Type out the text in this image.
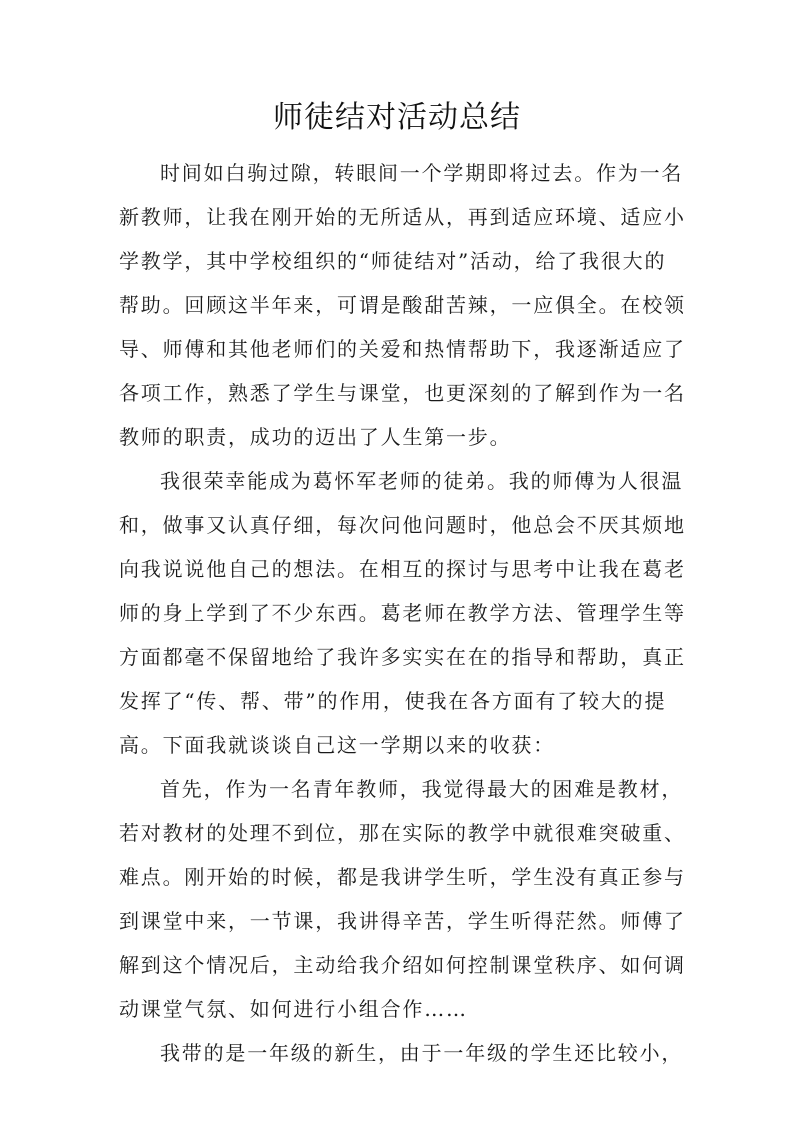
师徒结对活动总结
时间如白驹过隙，转眼间一个学期即将过去。作为一名
新教师，让我在刚开始的无所适从，再到适应环境、适应小
学教学，其中学校组织的“师徒结对”活动，给了我很大的
帮助。回顾这半年来，可谓是酸甜苦辣，一应俱全。在校领
导、师傅和其他老师们的关爱和热情帮助下，我逐渐适应了
各项工作，熟悉了学生与课堂，也更深刻的了解到作为一名
教师的职责，成功的迈出了人生第一步。
我很荣幸能成为葛怀军老师的徒弟。我的师傅为人很温
和，做事又认真仔细，每次问他问题时，他总会不厌其烦地
向我说说他自己的想法。在相互的探讨与思考中让我在葛老
师的身上学到了不少东西。葛老师在教学方法、管理学生等
方面都毫不保留地给了我许多实实在在的指导和帮助，真正
发挥了“传、帮、带”的作用，使我在各方面有了较大的提
高。下面我就谈谈自己这一学期以来的收获：
首先，作为一名青年教师，我觉得最大的困难是教材，
若对教材的处理不到位，那在实际的教学中就很难突破重、
难点。刚开始的时候，都是我讲学生听，学生没有真正参与
到课堂中来，一节课，我讲得辛苦，学生听得茫然。师傅了
解到这个情况后，主动给我介绍如何控制课堂秩序、如何调
动课堂气氛、如何进行小组合作……
我带的是一年级的新生，由于一年级的学生还比较小，
